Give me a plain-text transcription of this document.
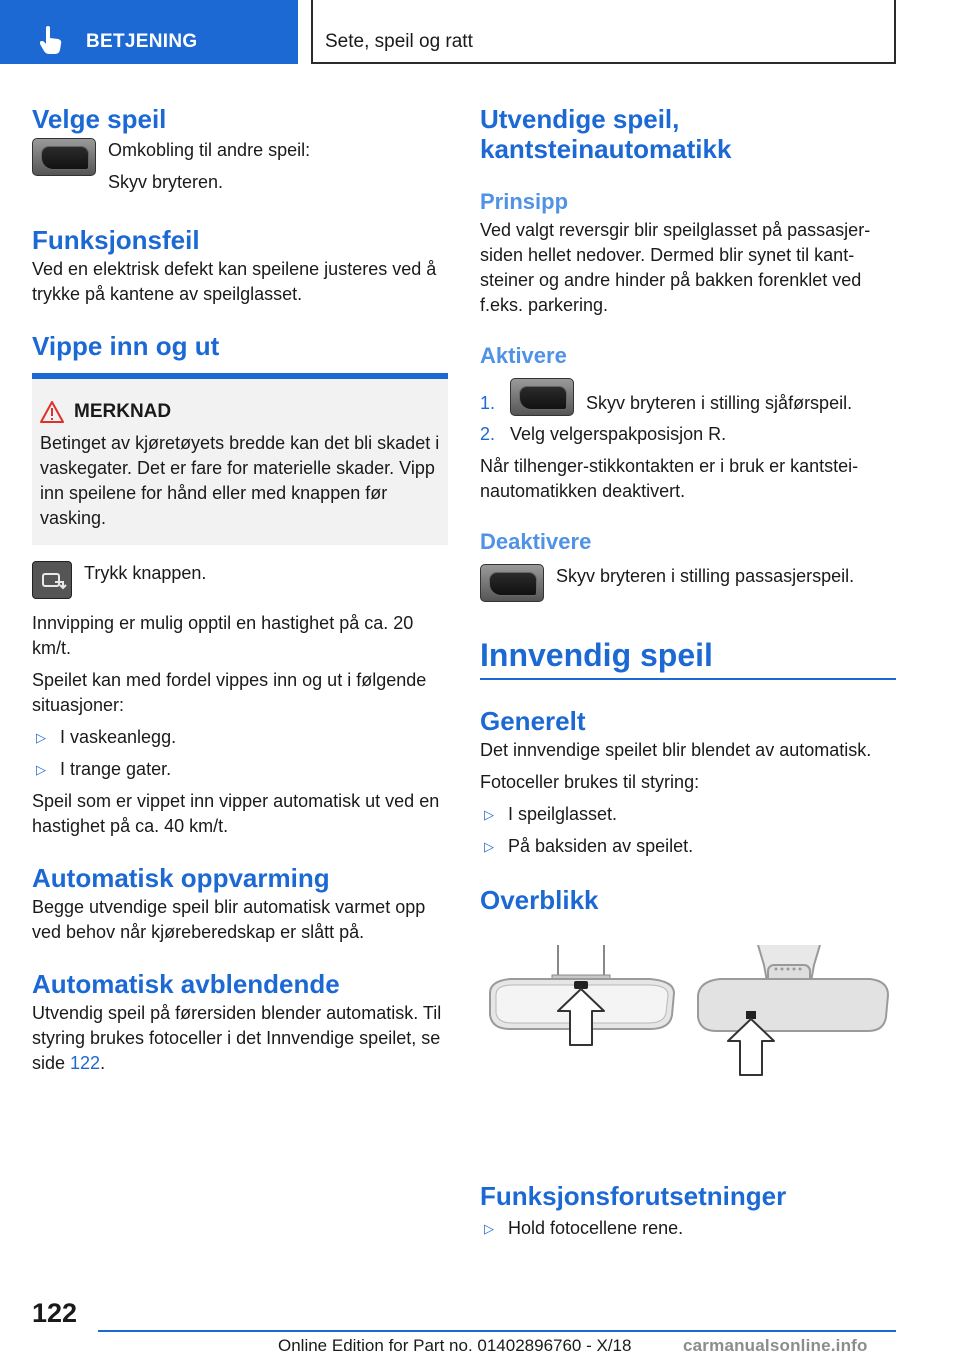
BETJENING	Sete, speil og ratt
Velge speil

Omkobling til andre speil:

Skyv bryteren.

Funksjonsfeil

Ved en elektrisk defekt kan speilene justeres ved å trykke på kantene av speilglasset.

Vippe inn og ut
MERKNAD

Betinget av kjøretøyets bredde kan det bli skadet i vaskegater. Det er fare for materielle skader. Vipp inn speilene for hånd eller med knappen før vasking.

Trykk knappen.

Innvipping er mulig opptil en hastighet på ca. 20 km/t.

Speilet kan med fordel vippes inn og ut i følgende situasjoner:

▷ I vaskeanlegg.
▷ I trange gater.

Speil som er vippet inn vipper automatisk ut ved en hastighet på ca. 40 km/t.

Automatisk oppvarming

Begge utvendige speil blir automatisk varmet opp ved behov når kjøreberedskap er slått på.

Automatisk avblendende

Utvendig speil på førersiden blender automatisk. Til styring brukes fotoceller i det Innvendige speilet, se side 122.

Utvendige speil, kantsteinautomatikk
Prinsipp

Ved valgt reversgir blir speilglasset på passasjersiden hellet nedover. Dermed blir synet til kantsteiner og andre hinder på bakken forenklet ved f.eks. parkering.

Aktivere
1.	Skyv bryteren i stilling sjåførspeil.
2. Velg velgerspakposisjon R.

Når tilhenger-stikkontakten er i bruk er kantsteinautomatikken deaktivert.

Deaktivere

Skyv bryteren i stilling passasjerspeil.

Innvendig speil
Generelt

Det innvendige speilet blir blendet av automatisk.

Fotoceller brukes til styring:

▷ I speilglasset.
▷ På baksiden av speilet.
Overblikk
Funksjonsforutsetninger
▷ Hold fotocellene rene.
122
Online Edition for Part no. 01402896760 - X/18	carmanualsonline.info
